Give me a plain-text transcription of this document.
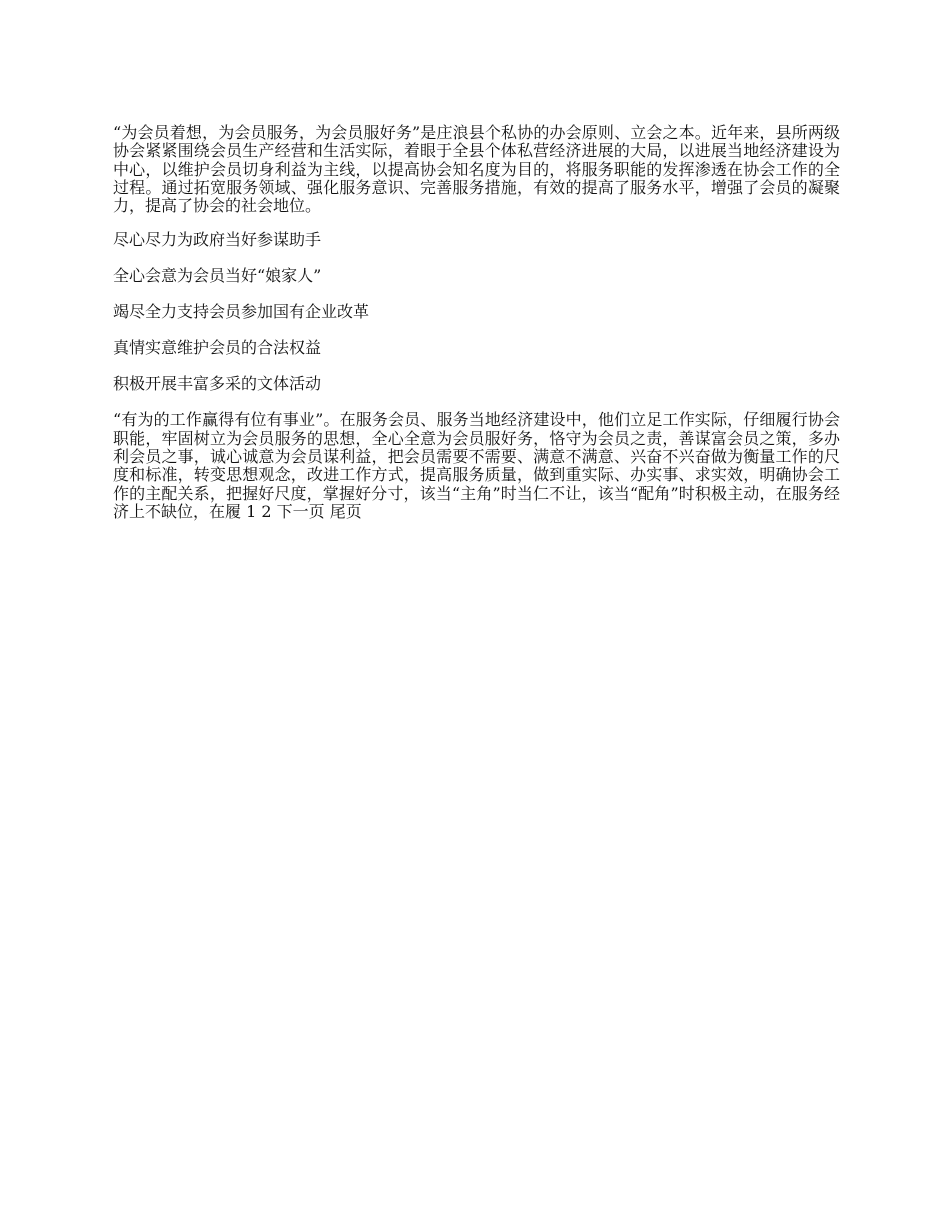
“为会员着想，为会员服务，为会员服好务”是庄浪县个私协的办会原则、立会之本。近年来，县所两级协会紧紧围绕会员生产经营和生活实际，着眼于全县个体私营经济进展的大局，以进展当地经济建设为中心，以维护会员切身利益为主线，以提高协会知名度为目的，将服务职能的发挥渗透在协会工作的全过程。通过拓宽服务领域、强化服务意识、完善服务措施，有效的提高了服务水平，增强了会员的凝聚力，提高了协会的社会地位。

尽心尽力为政府当好参谋助手

全心会意为会员当好“娘家人”

竭尽全力支持会员参加国有企业改革

真情实意维护会员的合法权益

积极开展丰富多采的文体活动

“有为的工作赢得有位有事业”。在服务会员、服务当地经济建设中，他们立足工作实际，仔细履行协会职能，牢固树立为会员服务的思想，全心全意为会员服好务，恪守为会员之责，善谋富会员之策，多办利会员之事，诚心诚意为会员谋利益，把会员需要不需要、满意不满意、兴奋不兴奋做为衡量工作的尺度和标准，转变思想观念，改进工作方式，提高服务质量，做到重实际、办实事、求实效，明确协会工作的主配关系，把握好尺度，掌握好分寸，该当“主角”时当仁不让，该当“配角”时积极主动，在服务经济上不缺位，在履 1 2 下一页 尾页
